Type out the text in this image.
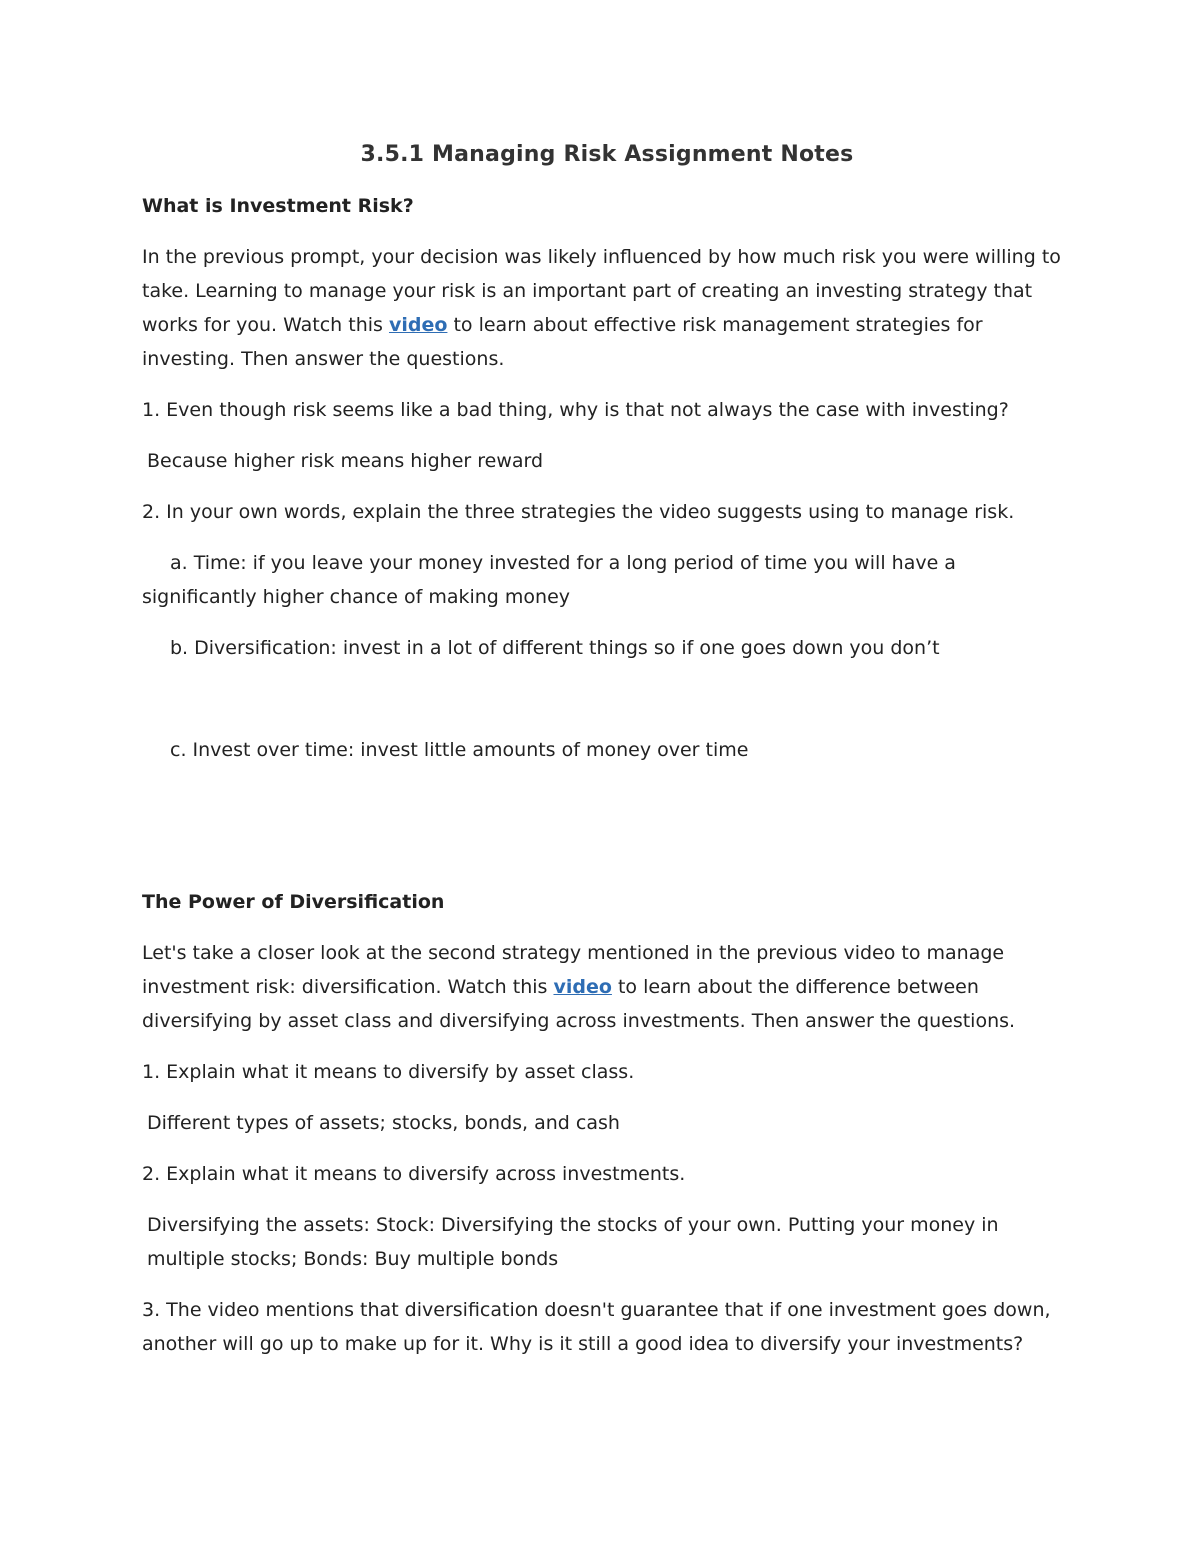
3.5.1 Managing Risk Assignment Notes
What is Investment Risk?

In the previous prompt, your decision was likely influenced by how much risk you were willing to take. Learning to manage your risk is an important part of creating an investing strategy that works for you. Watch this video to learn about effective risk management strategies for investing. Then answer the questions.

1. Even though risk seems like a bad thing, why is that not always the case with investing?

Because higher risk means higher reward

2. In your own words, explain the three strategies the video suggests using to manage risk.

a. Time: if you leave your money invested for a long period of time you will have a significantly higher chance of making money

b. Diversification: invest in a lot of different things so if one goes down you don’t

c. Invest over time: invest little amounts of money over time

The Power of Diversification

Let's take a closer look at the second strategy mentioned in the previous video to manage investment risk: diversification. Watch this video to learn about the difference between diversifying by asset class and diversifying across investments. Then answer the questions.

1. Explain what it means to diversify by asset class.

Different types of assets; stocks, bonds, and cash

2. Explain what it means to diversify across investments.

Diversifying the assets: Stock: Diversifying the stocks of your own. Putting your money in multiple stocks; Bonds: Buy multiple bonds

3. The video mentions that diversification doesn't guarantee that if one investment goes down, another will go up to make up for it. Why is it still a good idea to diversify your investments?
